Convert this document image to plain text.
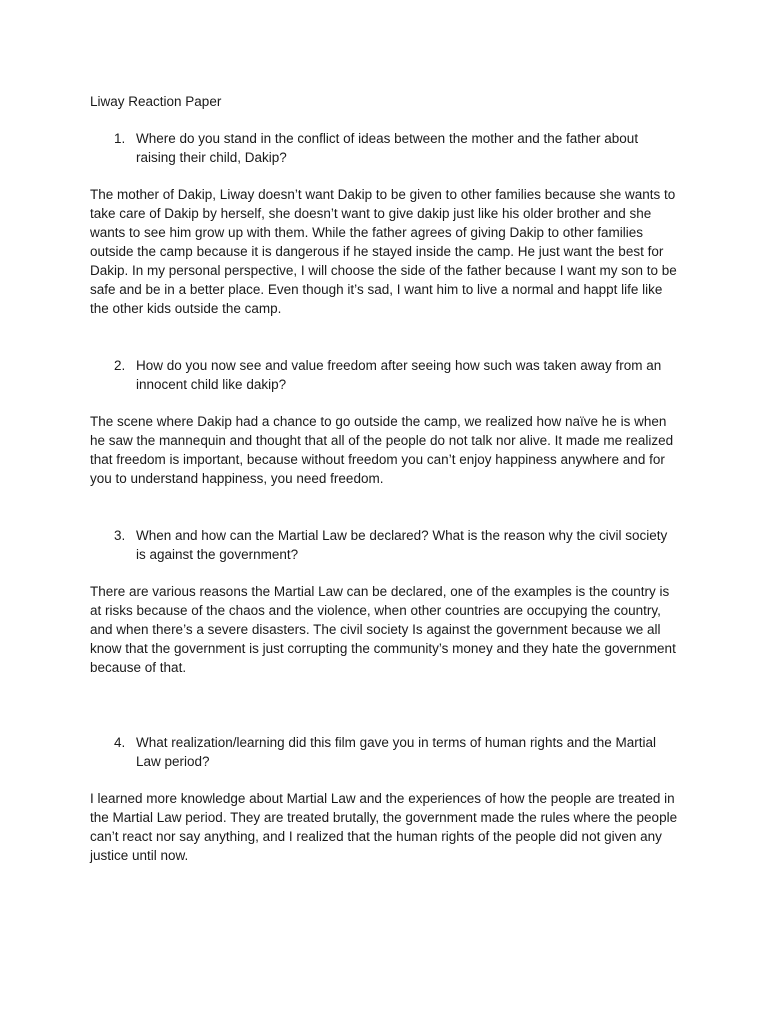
Liway Reaction Paper

1. Where do you stand in the conflict of ideas between the mother and the father about raising their child, Dakip?

The mother of Dakip, Liway doesn’t want Dakip to be given to other families because she wants to take care of Dakip by herself, she doesn’t want to give dakip just like his older brother and she wants to see him grow up with them. While the father agrees of giving Dakip to other families outside the camp because it is dangerous if he stayed inside the camp. He just want the best for Dakip. In my personal perspective, I will choose the side of the father because I want my son to be safe and be in a better place. Even though it’s sad, I want him to live a normal and happt life like the other kids outside the camp.

2. How do you now see and value freedom after seeing how such was taken away from an innocent child like dakip?

The scene where Dakip had a chance to go outside the camp, we realized how naïve he is when he saw the mannequin and thought that all of the people do not talk nor alive. It made me realized that freedom is important, because without freedom you can’t enjoy happiness anywhere and for you to understand happiness, you need freedom.

3. When and how can the Martial Law be declared? What is the reason why the civil society is against the government?

There are various reasons the Martial Law can be declared, one of the examples is the country is at risks because of the chaos and the violence, when other countries are occupying the country, and when there’s a severe disasters. The civil society Is against the government because we all know that the government is just corrupting the community’s money and they hate the government because of that.

4. What realization/learning did this film gave you in terms of human rights and the Martial Law period?

I learned more knowledge about Martial Law and the experiences of how the people are treated in the Martial Law period. They are treated brutally, the government made the rules where the people can’t react nor say anything, and I realized that the human rights of the people did not given any justice until now.
